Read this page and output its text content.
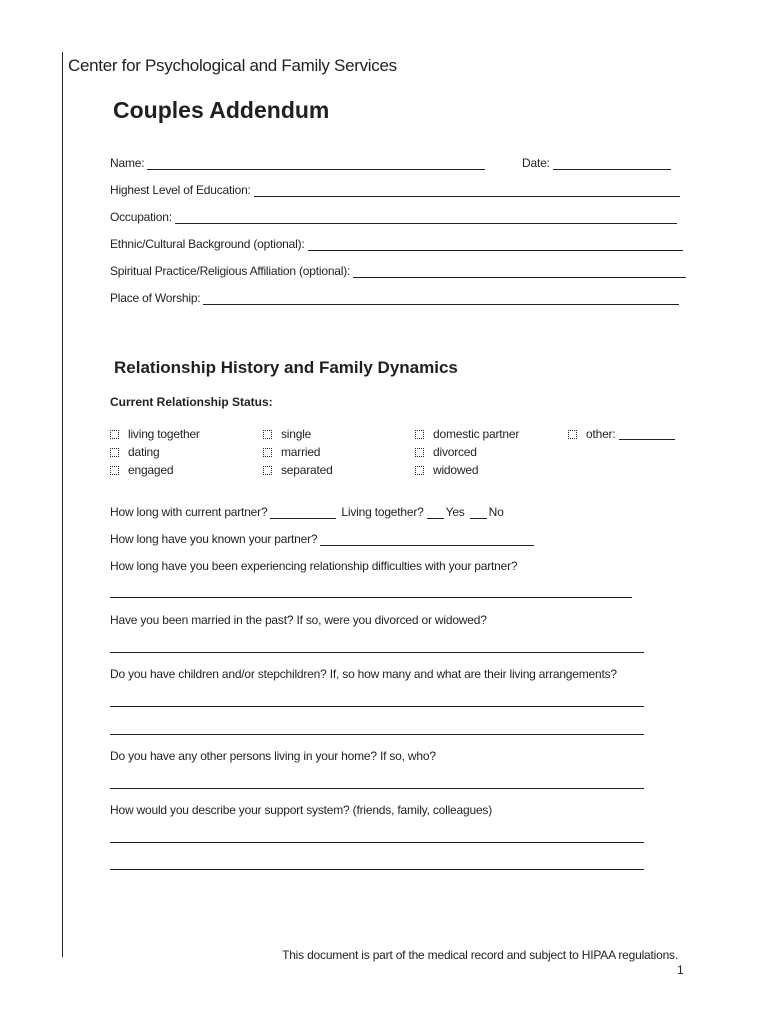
Center for Psychological and Family Services
Couples Addendum
Name:	Date:
Highest Level of Education:
Occupation:
Ethnic/Cultural Background (optional):
Spiritual Practice/Religious Affiliation (optional):
Place of Worship:
Relationship History and Family Dynamics
Current Relationship Status:
living together
dating
engaged
single
married
separated
domestic partner
divorced
widowed
other:
How long with current partner?	Living together? Yes No
How long have you known your partner?
How long have you been experiencing relationship difficulties with your partner?
Have you been married in the past? If so, were you divorced or widowed?
Do you have children and/or stepchildren? If, so how many and what are their living arrangements?
Do you have any other persons living in your home? If so, who?
How would you describe your support system? (friends, family, colleagues)
This document is part of the medical record and subject to HIPAA regulations.
1
